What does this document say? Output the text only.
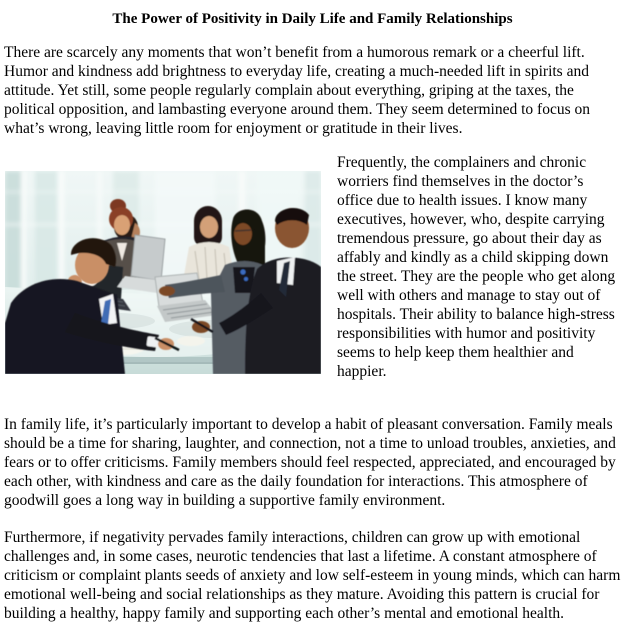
The Power of Positivity in Daily Life and Family Relationships
There are scarcely any moments that won’t benefit from a humorous remark or a cheerful lift. Humor and kindness add brightness to everyday life, creating a much-needed lift in spirits and attitude. Yet still, some people regularly complain about everything, griping at the taxes, the political opposition, and lambasting everyone around them. They seem determined to focus on what’s wrong, leaving little room for enjoyment or gratitude in their lives.
Frequently, the complainers and chronic worriers find themselves in the doctor’s office due to health issues. I know many executives, however, who, despite carrying tremendous pressure, go about their day as affably and kindly as a child skipping down the street. They are the people who get along well with others and manage to stay out of hospitals. Their ability to balance high-stress responsibilities with humor and positivity seems to help keep them healthier and happier.
In family life, it’s particularly important to develop a habit of pleasant conversation. Family meals should be a time for sharing, laughter, and connection, not a time to unload troubles, anxieties, and fears or to offer criticisms. Family members should feel respected, appreciated, and encouraged by each other, with kindness and care as the daily foundation for interactions. This atmosphere of goodwill goes a long way in building a supportive family environment.
Furthermore, if negativity pervades family interactions, children can grow up with emotional challenges and, in some cases, neurotic tendencies that last a lifetime. A constant atmosphere of criticism or complaint plants seeds of anxiety and low self-esteem in young minds, which can harm emotional well-being and social relationships as they mature. Avoiding this pattern is crucial for building a healthy, happy family and supporting each other’s mental and emotional health.
